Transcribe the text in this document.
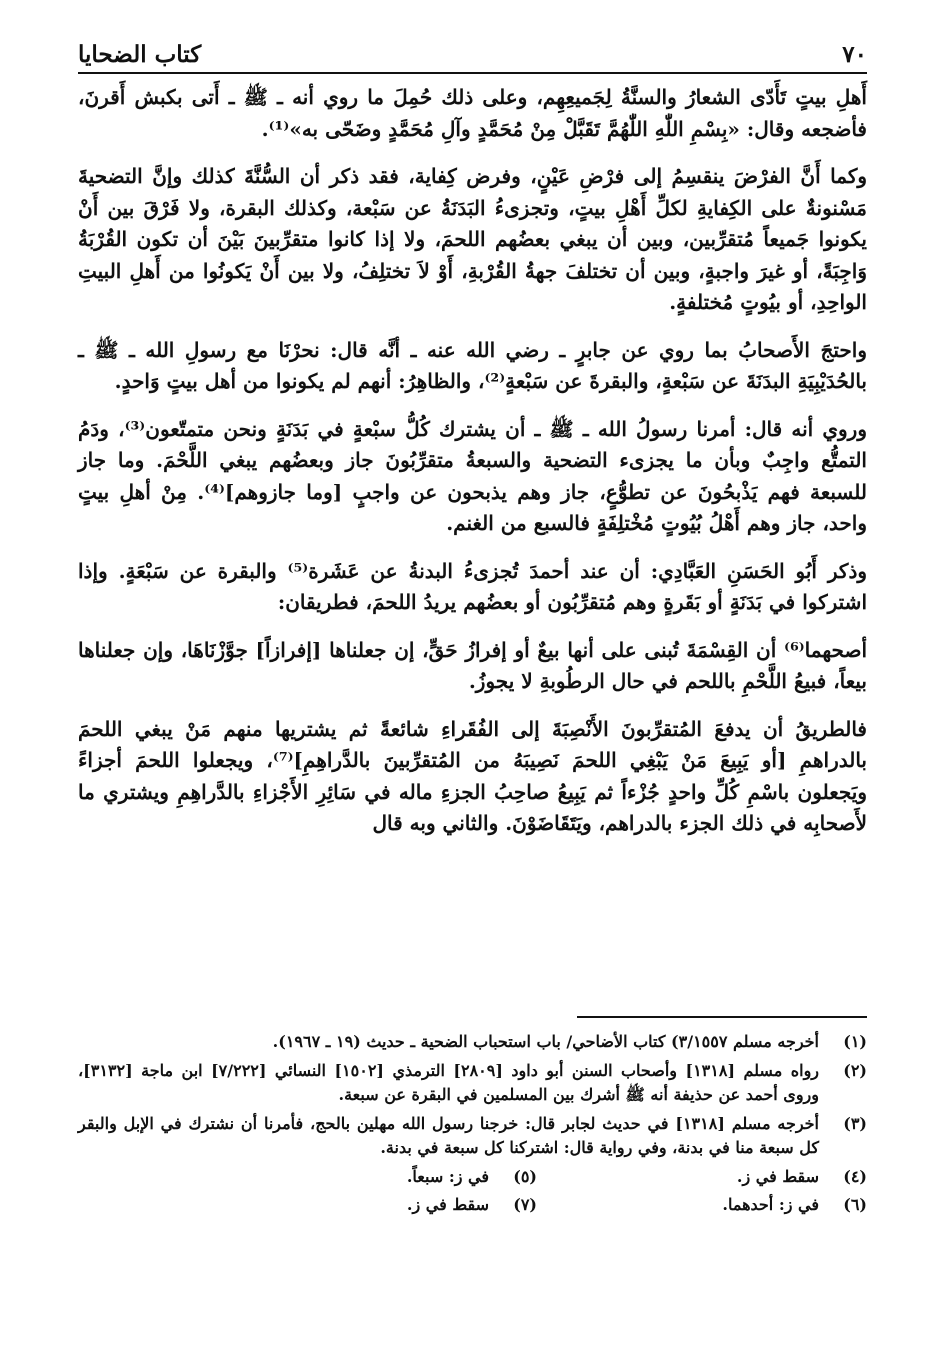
٧٠
كتاب الضحايا

أَهلِ بيتٍ تَأَدّى الشعارُ والسنَّةُ لِجَميعِهِم، وعلى ذلك حُمِلَ ما روي أنه ـ ﷺ ـ أَتى بكبش أَقرنَ، فأضجعه وقال: «بِسْمِ اللّٰهِ اللّٰهُمَّ تَقَبَّلْ مِنْ مُحَمَّدٍ وآلِ مُحَمَّدٍ وضَحّى به»⁽¹⁾.

وكما أَنَّ الفرْضَ ينقسِمُ إلى فرْضِ عَيْنٍ، وفرض كِفاية، فقد ذكر أن السُّنَّةَ كذلك وإنَّ التضحيةَ مَسْنونةٌ على الكِفايةِ لكلِّ أَهْلِ بيتٍ، وتجزىءُ البَدَنَةُ عن سَبْعة، وكذلك البقرة، ولا فَرْقَ بين أَنْ يكونوا جَميعاً مُتقرِّبين، وبين أن يبغي بعضُهم اللحمَ، ولا إذا كانوا متقرِّبينَ بَيْنَ أن تكون القُرْبَةُ وَاجِبَةً، أو غيرَ واجبةٍ، وبين أن تختلفَ جهةُ القُرْبةِ، أَوْ لاَ تختلِفُ، ولا بين أَنْ يَكونُوا من أَهلِ البيتِ الواحِدِ، أو بيُوتٍ مُختلفةٍ.

واحتجَ الأَصحابُ بما روي عن جابرٍ ـ رضي الله عنه ـ أنَّه قال: نحرْنَا مع رسولِ الله ـ ﷺ ـ بالحُدَيْبِيَةِ البدَنَةَ عن سَبْعةٍ، والبقرةَ عن سَبْعةٍ⁽²⁾، والظاهِرُ: أنهم لم يكونوا من أهل بيتٍ وَاحدٍ.

وروي أنه قال: أمرنا رسولُ الله ـ ﷺ ـ أن يشترك كُلُّ سبْعةٍ في بَدَنَةٍ ونحن متمتّعون⁽³⁾، ودَمُ التمتُّع واجِبٌ وبأن ما يجزىء التضحية والسبعةُ متقرِّبُونَ جاز وبعضُهم يبغي اللَّحْمَ. وما جاز للسبعة فهم يَذْبحُونَ عن تطوُّعٍ، جاز وهم يذبحون عن واجبٍ [وما جازوهم]⁽⁴⁾. مِنْ أهلِ بيتٍ واحد، جاز وهم أَهْلُ بُيُوتٍ مُخْتلِفَةٍ فالسبع من الغنم.

وذكر أَبُو الحَسَنِ العَبَّادِي: أن عند أحمدَ تُجزىءُ البدنةُ عن عَشَرة⁽⁵⁾ والبقرة عن سَبْعَةٍ. وإذا اشتركوا في بَدَنَةٍ أو بَقَرةٍ وهم مُتقرِّبُون أو بعضُهم يريدُ اللحمَ، فطريقان:

أصحهما⁽⁶⁾ أن القِسْمَةَ تُبنى على أنها بيعٌ أو إفرازُ حَقٍّ، إن جعلناها [إفرازاً] جوَّزْنَاهَا، وإن جعلناها بيعاً، فبيعُ اللَّحْمِ باللحم في حال الرطُوبةِ لا يجوزُ.

فالطريقُ أن يدفعَ المُتقرِّبونَ الأَنْصِبَةَ إلى الفُقَراءِ شائعةً ثم يشتريها منهم مَنْ يبغي اللحمَ بالدراهمِ [أو يَبِيعَ مَنْ يَبْغِي اللحمَ نَصِيبَهُ من المُتقرِّبينَ بالدَّراهِمِ]⁽⁷⁾، ويجعلوا اللحمَ أجزاءً ويَجعلون باسْمِ كُلِّ واحدٍ جُزْءاً ثم يَبِيعُ صاحِبُ الجزءِ ماله في سَائِرِ الأَجْزاءِ بالدَّراهِمِ ويشتري ما لأَصحابِه في ذلك الجزء بالدراهم، ويَتَقَاضَوْنَ. والثاني وبه قال

(١)
أخرجه مسلم ٣/١٥٥٧) كتاب الأضاحي/ باب استحباب الضحية ـ حديث (١٩ ـ ١٩٦٧).
(٢)
رواه مسلم [١٣١٨] وأصحاب السنن أبو داود [٢٨٠٩] الترمذي [١٥٠٢] النسائي [٧/٢٢٢] ابن ماجة [٣١٣٢]، وروى أحمد عن حذيفة أنه ﷺ أشرك بين المسلمين في البقرة عن سبعة.
(٣)
أخرجه مسلم [١٣١٨] في حديث لجابر قال: خرجنا رسول الله مهلين بالحج، فأمرنا أن نشترك في الإبل والبقر كل سبعة منا في بدنة، وفي رواية قال: اشتركنا كل سبعة في بدنة.
(٤)
سقط في ز.
(٥)
في ز: سبعاً.
(٦)
في ز: أحدهما.
(٧)
سقط في ز.
